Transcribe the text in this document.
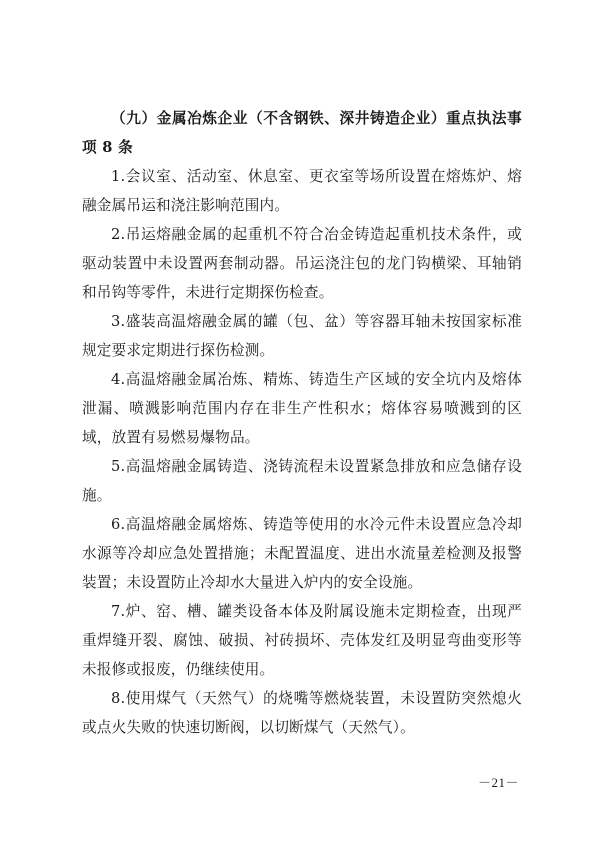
（九）金属冶炼企业（不含钢铁、深井铸造企业）重点执法事项 8 条

1.会议室、活动室、休息室、更衣室等场所设置在熔炼炉、熔融金属吊运和浇注影响范围内。

2.吊运熔融金属的起重机不符合冶金铸造起重机技术条件，或驱动装置中未设置两套制动器。吊运浇注包的龙门钩横梁、耳轴销和吊钩等零件，未进行定期探伤检查。

3.盛装高温熔融金属的罐（包、盆）等容器耳轴未按国家标准规定要求定期进行探伤检测。

4.高温熔融金属冶炼、精炼、铸造生产区域的安全坑内及熔体泄漏、喷溅影响范围内存在非生产性积水；熔体容易喷溅到的区域，放置有易燃易爆物品。

5.高温熔融金属铸造、浇铸流程未设置紧急排放和应急储存设施。

6.高温熔融金属熔炼、铸造等使用的水冷元件未设置应急冷却水源等冷却应急处置措施；未配置温度、进出水流量差检测及报警装置；未设置防止冷却水大量进入炉内的安全设施。

7.炉、窑、槽、罐类设备本体及附属设施未定期检查，出现严重焊缝开裂、腐蚀、破损、衬砖损坏、壳体发红及明显弯曲变形等未报修或报废，仍继续使用。

8.使用煤气（天然气）的烧嘴等燃烧装置，未设置防突然熄火或点火失败的快速切断阀，以切断煤气（天然气）。

－21－
